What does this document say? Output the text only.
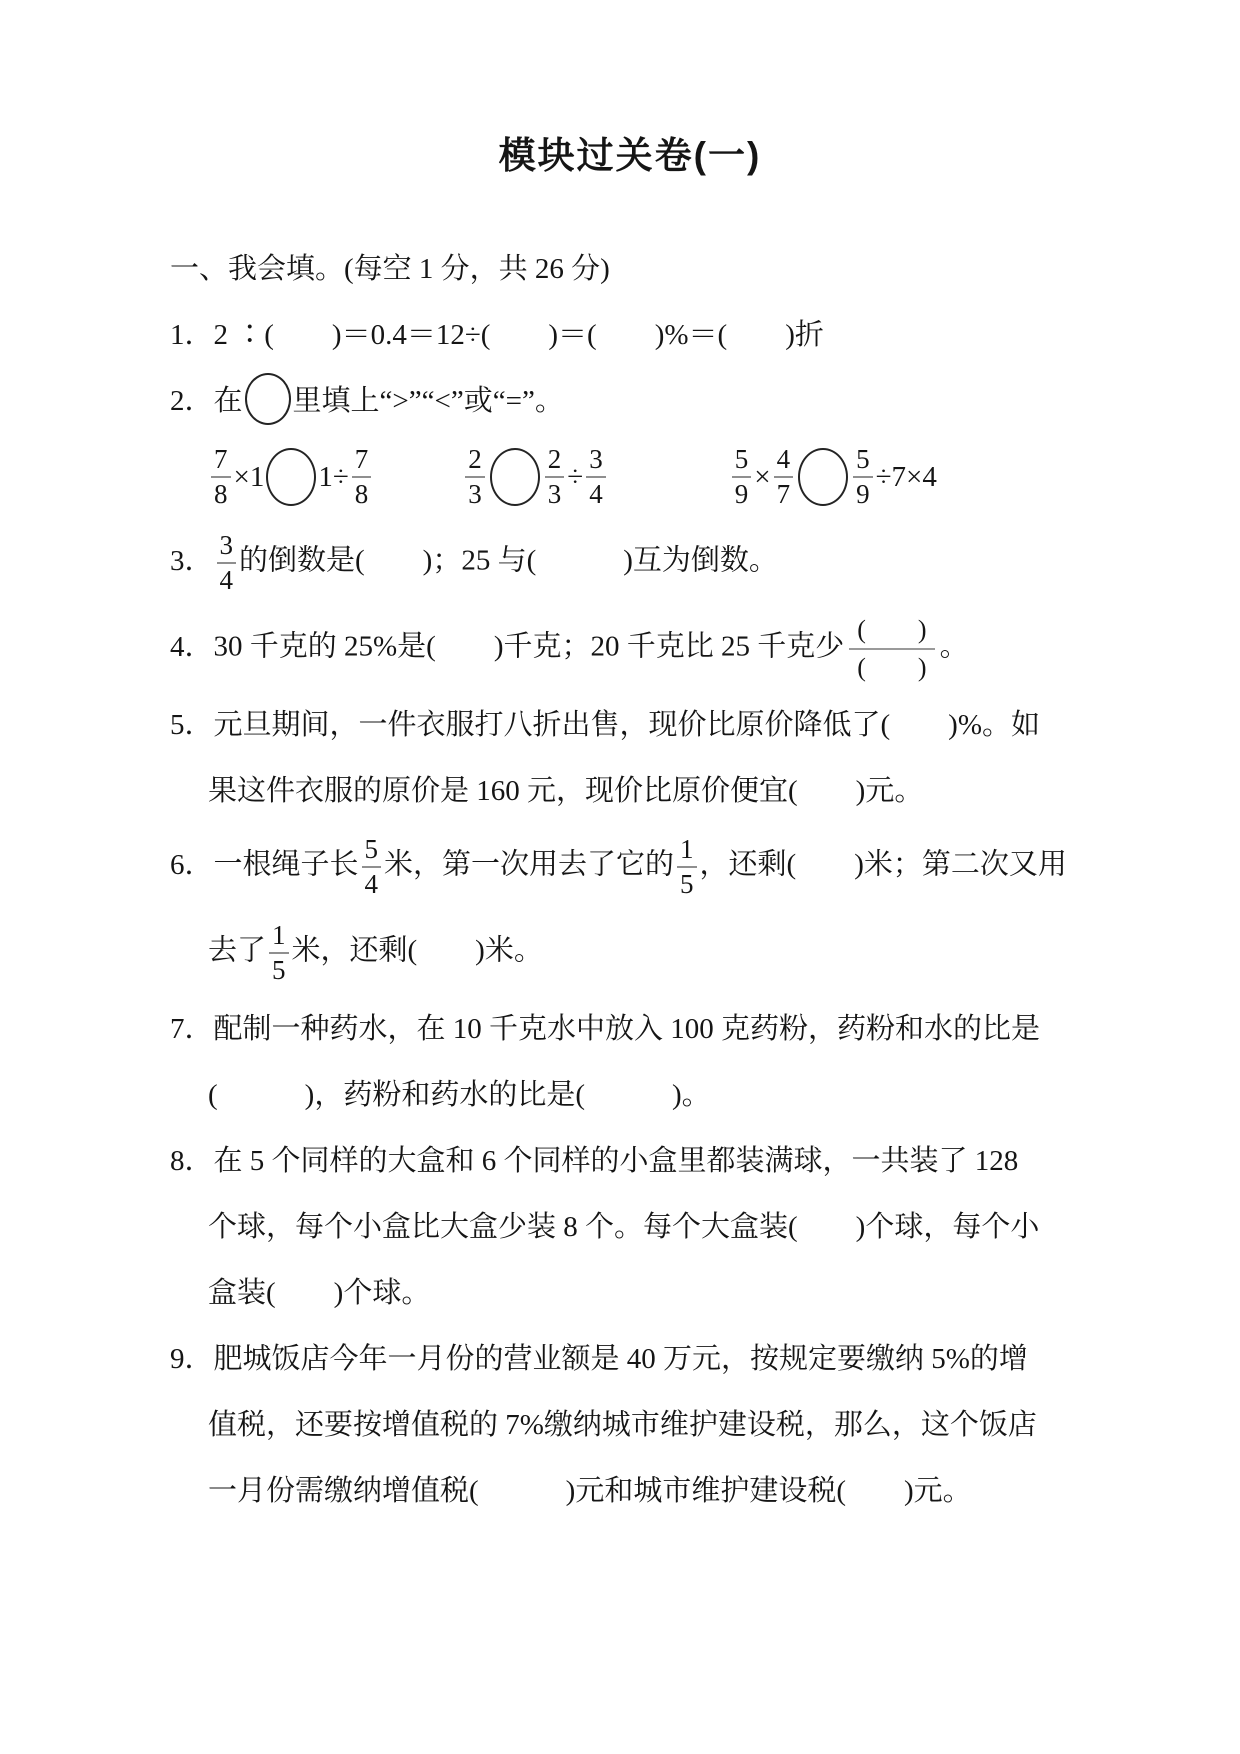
模块过关卷(一)
一、我会填。(每空 1 分，共 26 分)
1．2 ∶(　　)＝0.4＝12÷(　　)＝(　　)%＝(　　)折
2．在 里填上“>”“<”或“=”。
$\frac{7}{8} \times 1$ $1\div \frac{7}{8}$	$\frac{2}{3} \frac{2}{3} \div \frac{3}{4}$	$\frac{5}{9} \times \frac{4}{7} \frac{5}{9} \div 7\times 4$
3． $\frac{3}{4}$ 的倒数是(　　)；25 与(　　　)互为倒数。
4．30 千克的 25%是(　　)千克；20 千克比 25 千克少 $\frac{( )}{( )}$ 。
5．元旦期间，一件衣服打八折出售，现价比原价降低了(　　)%。如
果这件衣服的原价是 160 元，现价比原价便宜(　　)元。
6．一根绳子长 $\frac{5}{4}$ 米，第一次用去了它的 $\frac{1}{5}$ ，还剩(　　)米；第二次又用
去了 $\frac{1}{5}$ 米，还剩(　　)米。
7．配制一种药水，在 10 千克水中放入 100 克药粉，药粉和水的比是
(　　　)，药粉和药水的比是(　　　)。
8．在 5 个同样的大盒和 6 个同样的小盒里都装满球，一共装了 128
个球，每个小盒比大盒少装 8 个。每个大盒装(　　)个球，每个小
盒装(　　)个球。
9．肥城饭店今年一月份的营业额是 40 万元，按规定要缴纳 5%的增
值税，还要按增值税的 7%缴纳城市维护建设税，那么，这个饭店
一月份需缴纳增值税(　　　)元和城市维护建设税(　　)元。
